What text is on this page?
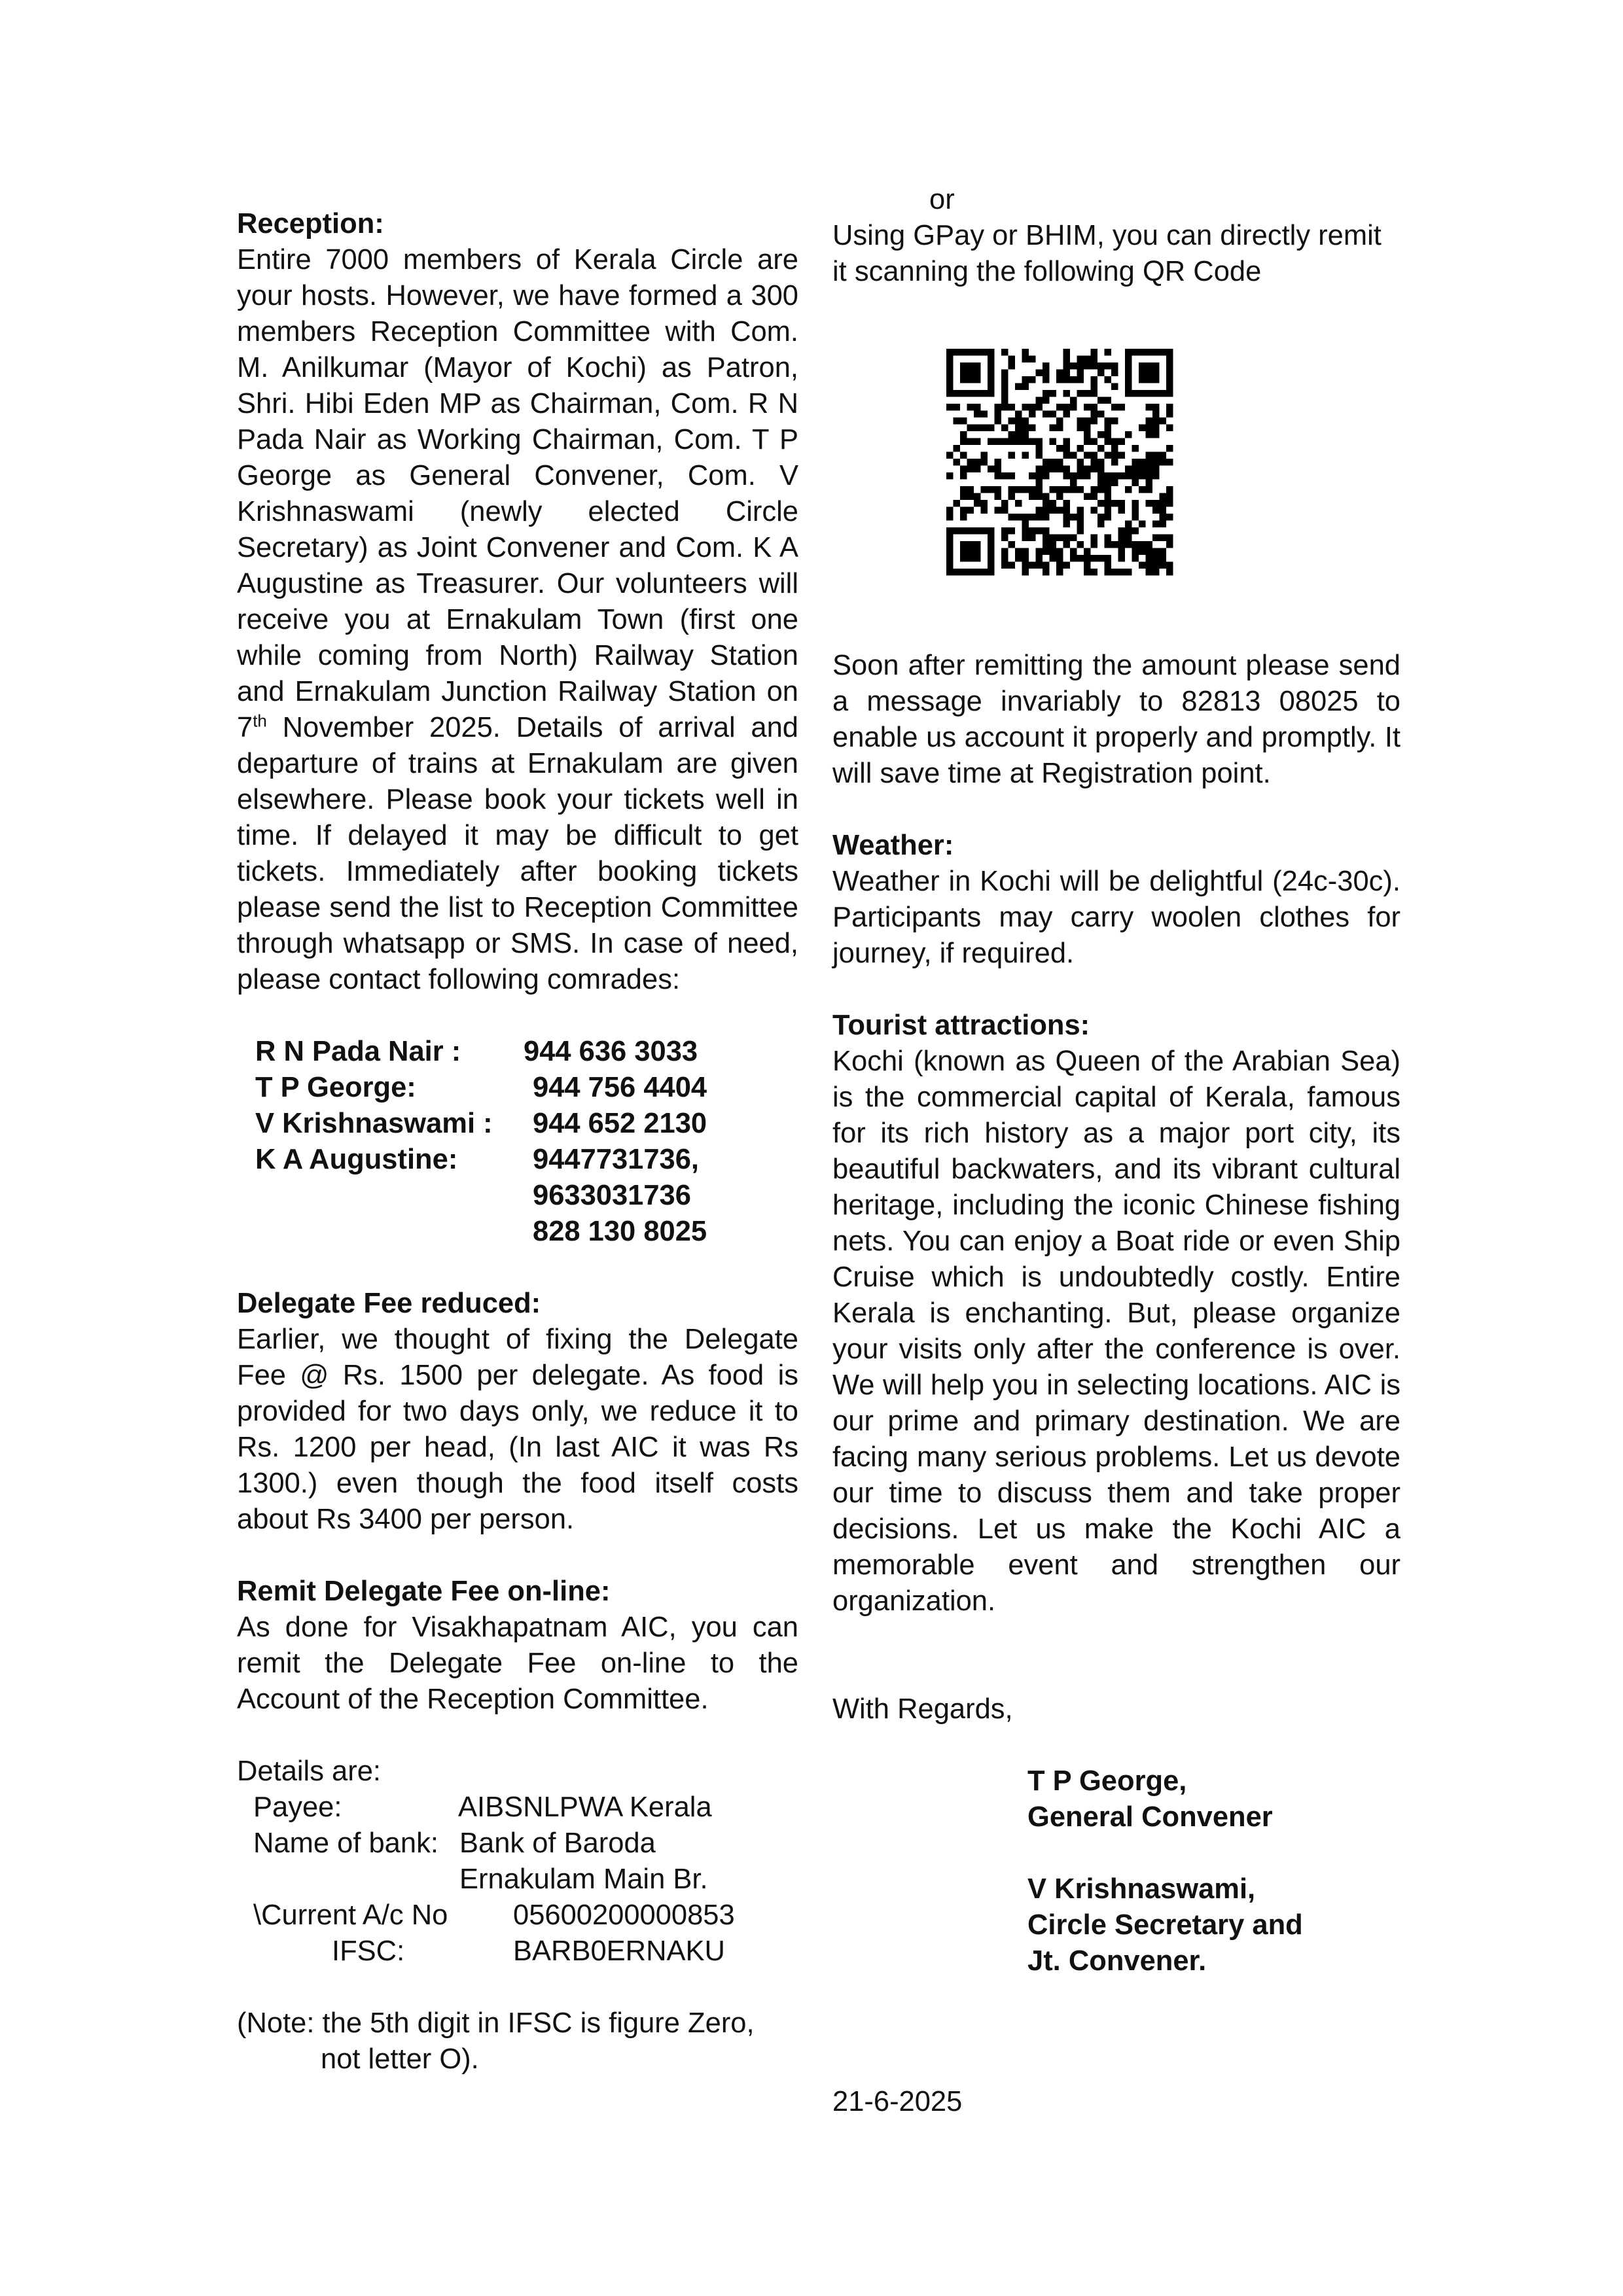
Reception:

Entire 7000 members of Kerala Circle are your hosts. However, we have formed a 300 members Reception Committee with Com. M. Anilkumar (Mayor of Kochi) as Patron, Shri. Hibi Eden MP as Chairman, Com. R N Pada Nair as Working Chairman, Com. T P George as General Convener, Com. V Krishnaswami (newly elected Circle Secretary) as Joint Convener and Com. K A Augustine as Treasurer. Our volunteers will receive you at Ernakulam Town (first one while coming from North) Railway Station and Ernakulam Junction Railway Station on 7th November 2025. Details of arrival and departure of trains at Ernakulam are given elsewhere. Please book your tickets well in time. If delayed it may be difficult to get tickets. Immediately after booking tickets please send the list to Reception Committee through whatsapp or SMS. In case of need, please contact following comrades:

R N Pada Nair :	944 636 3033
T P George:	944 756 4404
V Krishnaswami :	944 652 2130
K A Augustine:	9447731736,
9633031736
828 130 8025
Delegate Fee reduced:

Earlier, we thought of fixing the Delegate Fee @ Rs. 1500 per delegate. As food is provided for two days only, we reduce it to Rs. 1200 per head, (In last AIC it was Rs 1300.) even though the food itself costs about Rs 3400 per person.

Remit Delegate Fee on-line:

As done for Visakhapatnam AIC, you can remit the Delegate Fee on-line to the Account of the Reception Committee.

Details are:
Payee:	AIBSNLPWA Kerala
Name of bank: Bank of Baroda
Ernakulam Main Br.
\Current A/c No	05600200000853
IFSC:	BARB0ERNAKU
(Note: the 5th digit in IFSC is figure Zero,
not letter O).
or

Using GPay or BHIM, you can directly remit it scanning the following QR Code

Soon after remitting the amount please send a message invariably to 82813 08025 to enable us account it properly and promptly. It will save time at Registration point.

Weather:

Weather in Kochi will be delightful (24c-30c). Participants may carry woolen clothes for journey, if required.

Tourist attractions:

Kochi (known as Queen of the Arabian Sea) is the commercial capital of Kerala, famous for its rich history as a major port city, its beautiful backwaters, and its vibrant cultural heritage, including the iconic Chinese fishing nets. You can enjoy a Boat ride or even Ship Cruise which is undoubtedly costly. Entire Kerala is enchanting. But, please organize your visits only after the conference is over. We will help you in selecting locations. AIC is our prime and primary destination. We are facing many serious problems. Let us devote our time to discuss them and take proper decisions. Let us make the Kochi AIC a memorable event and strengthen our organization.

With Regards,
T P George,
General Convener
V Krishnaswami,
Circle Secretary and
Jt. Convener.
21-6-2025
